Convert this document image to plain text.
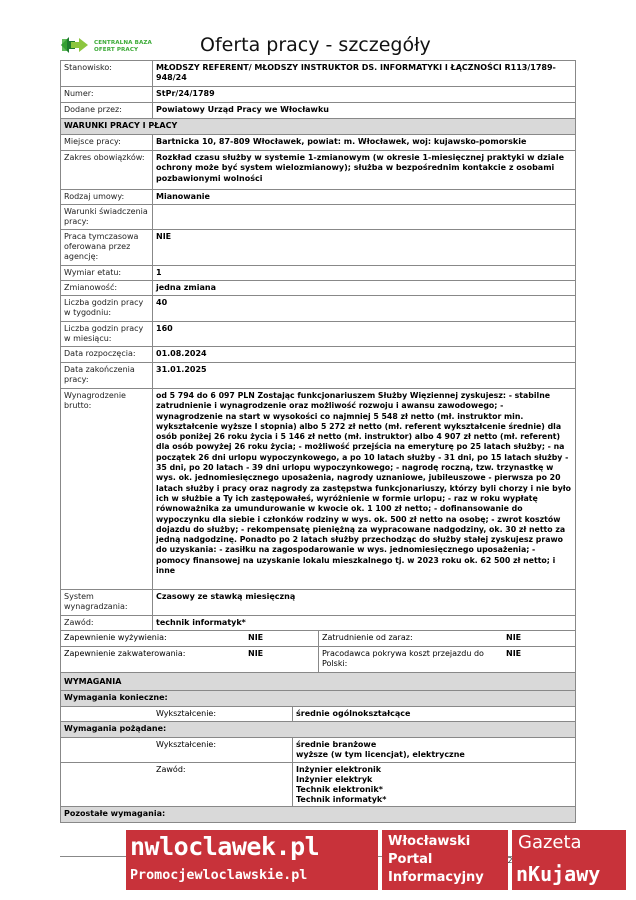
CENTRALNA BAZA
OFERT PRACY	Oferta pracy - szczegóły
Stanowisko:	MŁODSZY REFERENT/ MŁODSZY INSTRUKTOR DS. INFORMATYKI I ŁĄCZNOŚCI R113/1789-948/24
Numer:	StPr/24/1789
Dodane przez:	Powiatowy Urząd Pracy we Włocławku
WARUNKI PRACY I PŁACY
Miejsce pracy:	Bartnicka 10, 87-809 Włocławek, powiat: m. Włocławek, woj: kujawsko-pomorskie
Zakres obowiązków:	Rozkład czasu służby w systemie 1-zmianowym (w okresie 1-miesięcznej praktyki w dziale ochrony może być system wielozmianowy); służba w bezpośrednim kontakcie z osobami pozbawionymi wolności
Rodzaj umowy:	Mianowanie
Warunki świadczenia pracy:
Praca tymczasowa oferowana przez agencję:
NIE
Wymiar etatu:	1
Zmianowość:	jedna zmiana
Liczba godzin pracy w tygodniu:
40
Liczba godzin pracy w miesiącu:
160
Data rozpoczęcia:	01.08.2024
Data zakończenia pracy:
31.01.2025
Wynagrodzenie brutto:
od 5 794 do 6 097 PLN Zostając funkcjonariuszem Służby Więziennej zyskujesz: - stabilne zatrudnienie i wynagrodzenie oraz możliwość rozwoju i awansu zawodowego; - wynagrodzenie na start w wysokości co najmniej 5 548 zł netto (mł. instruktor min. wykształcenie wyższe I stopnia) albo 5 272 zł netto (mł. referent wykształcenie średnie) dla osób poniżej 26 roku życia i 5 146 zł netto (mł. instruktor) albo 4 907 zł netto (mł. referent) dla osób powyżej 26 roku życia; - możliwość przejścia na emeryturę po 25 latach służby; - na początek 26 dni urlopu wypoczynkowego, a po 10 latach służby - 31 dni, po 15 latach służby - 35 dni, po 20 latach - 39 dni urlopu wypoczynkowego; - nagrodę roczną, tzw. trzynastkę w wys. ok. jednomiesięcznego uposażenia, nagrody uznaniowe, jubileuszowe - pierwsza po 20 latach służby i pracy oraz nagrody za zastępstwa funkcjonariuszy, którzy byli chorzy i nie było ich w służbie a Ty ich zastępowałeś, wyróżnienie w formie urlopu; - raz w roku wypłatę równoważnika za umundurowanie w kwocie ok. 1 100 zł netto; - dofinansowanie do wypoczynku dla siebie i członków rodziny w wys. ok. 500 zł netto na osobę; - zwrot kosztów dojazdu do służby; - rekompensatę pieniężną za wypracowane nadgodziny, ok. 30 zł netto za jedną nadgodzinę. Ponadto po 2 latach służby przechodząc do służby stałej zyskujesz prawo do uzyskania: - zasiłku na zagospodarowanie w wys. jednomiesięcznego uposażenia; - pomocy finansowej na uzyskanie lokalu mieszkalnego tj. w 2023 roku ok. 62 500 zł netto; i inne
System wynagradzania:
Czasowy ze stawką miesięczną
Zawód:	technik informatyk*
Zapewnienie wyżywienia:	NIE	Zatrudnienie od zaraz:	NIE
Zapewnienie zakwaterowania:	NIE	Pracodawca pokrywa koszt przejazdu do Polski:
NIE
WYMAGANIA
Wymagania konieczne:
Wykształcenie:	średnie ogólnokształcące
Wymagania pożądane:
Wykształcenie:	średnie branżowe
wyższe (w tym licencjat), elektryczne
Zawód:	Inżynier elektronik
Inżynier elektryk
Technik elektronik*
Technik informatyk*
Pozostałe wymagania:
nwloclawek.pl
Promocjewloclawskie.pl
Włocławski
Portal
Informacyjny
Gazeta
nKujawy
